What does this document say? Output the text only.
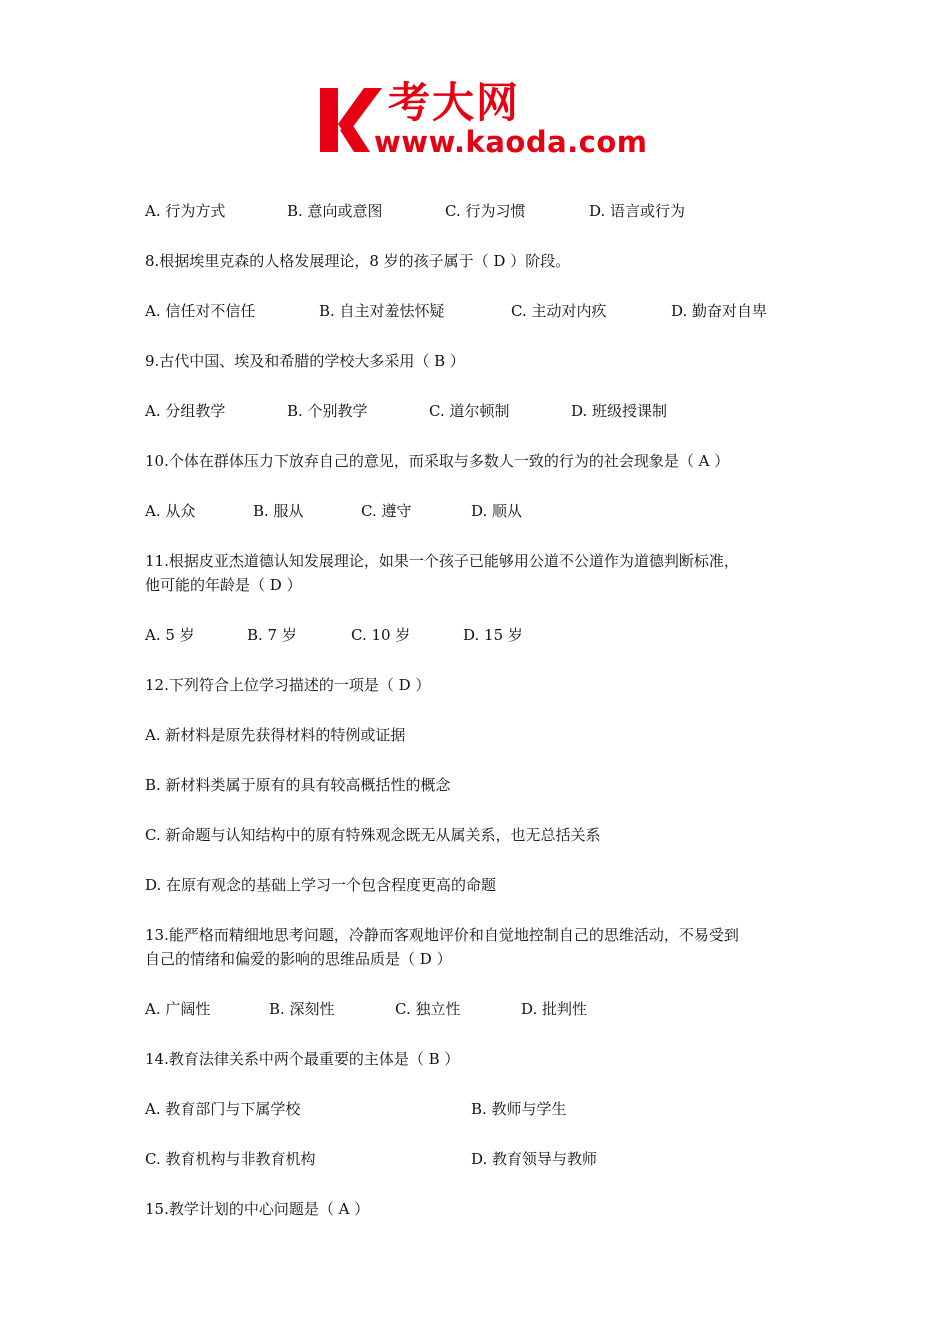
考大网
www.kaoda.com
A. 行为方式	B. 意向或意图	C. 行为习惯	D. 语言或行为
8.根据埃里克森的人格发展理论，8 岁的孩子属于（ D ）阶段。
A. 信任对不信任	B. 自主对羞怯怀疑	C. 主动对内疚	D. 勤奋对自卑
9.古代中国、埃及和希腊的学校大多采用（ B ）
A. 分组教学	B. 个别教学	C. 道尔顿制	D. 班级授课制
10.个体在群体压力下放弃自己的意见，而采取与多数人一致的行为的社会现象是（ A ）
A. 从众	B. 服从	C. 遵守	D. 顺从
11.根据皮亚杰道德认知发展理论，如果一个孩子已能够用公道不公道作为道德判断标准，
他可能的年龄是（ D ）
A. 5 岁	B. 7 岁	C. 10 岁	D. 15 岁
12.下列符合上位学习描述的一项是（ D ）
A. 新材料是原先获得材料的特例或证据
B. 新材料类属于原有的具有较高概括性的概念
C. 新命题与认知结构中的原有特殊观念既无从属关系，也无总括关系
D. 在原有观念的基础上学习一个包含程度更高的命题
13.能严格而精细地思考问题，冷静而客观地评价和自觉地控制自己的思维活动，不易受到
自己的情绪和偏爱的影响的思维品质是（ D ）
A. 广阔性	B. 深刻性	C. 独立性	D. 批判性
14.教育法律关系中两个最重要的主体是（ B ）
A. 教育部门与下属学校	B. 教师与学生
C. 教育机构与非教育机构	D. 教育领导与教师
15.教学计划的中心问题是（ A ）
